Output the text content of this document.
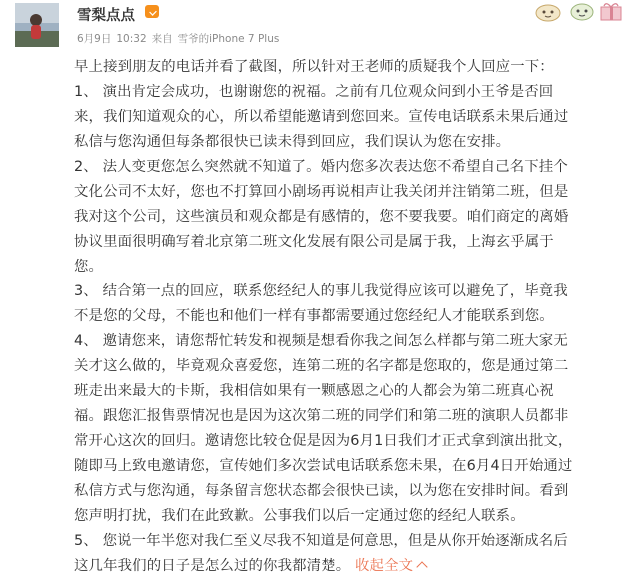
雪梨点点
6月9日 10:32 来自 雪爷的iPhone 7 Plus
早上接到朋友的电话并看了截图，所以针对王老师的质疑我个人回应一下：
1、 演出肯定会成功，也谢谢您的祝福。之前有几位观众问到小王爷是否回
来，我们知道观众的心，所以希望能邀请到您回来。宣传电话联系未果后通过
私信与您沟通但每条都很快已读未得到回应，我们误认为您在安排。
2、 法人变更您怎么突然就不知道了。婚内您多次表达您不希望自己名下挂个
文化公司不太好，您也不打算回小剧场再说相声让我关闭并注销第二班，但是
我对这个公司，这些演员和观众都是有感情的，您不要我要。咱们商定的离婚
协议里面很明确写着北京第二班文化发展有限公司是属于我，上海玄乎属于
您。
3、 结合第一点的回应，联系您经纪人的事儿我觉得应该可以避免了，毕竟我
不是您的父母，不能也和他们一样有事都需要通过您经纪人才能联系到您。
4、 邀请您来，请您帮忙转发和视频是想看你我之间怎么样都与第二班大家无
关才这么做的，毕竟观众喜爱您，连第二班的名字都是您取的，您是通过第二
班走出来最大的卡斯，我相信如果有一颗感恩之心的人都会为第二班真心祝
福。跟您汇报售票情况也是因为这次第二班的同学们和第二班的演职人员都非
常开心这次的回归。邀请您比较仓促是因为6月1日我们才正式拿到演出批文，
随即马上致电邀请您，宣传她们多次尝试电话联系您未果，在6月4日开始通过
私信方式与您沟通，每条留言您状态都会很快已读，以为您在安排时间。看到
您声明打扰，我们在此致歉。公事我们以后一定通过您的经纪人联系。
5、 您说一年半您对我仁至义尽我不知道是何意思，但是从你开始逐渐成名后
这几年我们的日子是怎么过的你我都清楚。 收起全文
